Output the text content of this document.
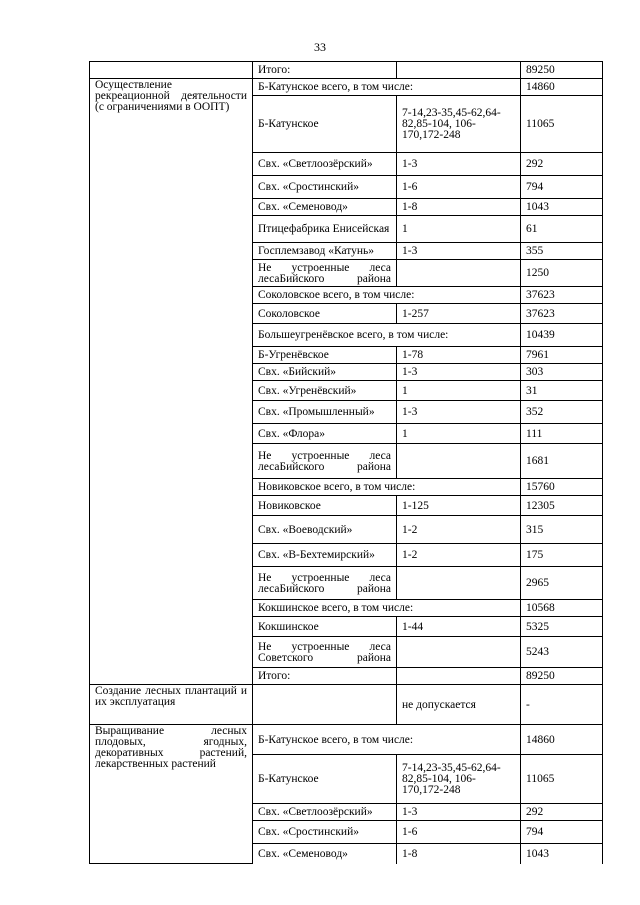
33
	Итого:		89250
Осуществление рекреационной деятельности (с ограничениями в ООПТ)	Б-Катунское всего, в том числе:		14860
	Б-Катунское	7-14,23-35,45-62,64-82,85-104, 106-170,172-248	11065
	Свх. «Светлоозёрский»	1-3	292
	Свх. «Сростинский»	1-6	794
	Свх. «Семеновод»	1-8	1043
	Птицефабрика Енисейская	1	61
	Госплемзавод «Катунь»	1-3	355
	Не устроенные леса лесаБийского района		1250
	Соколовское всего, в том числе:		37623
	Соколовское	1-257	37623
	Большеугренёвское всего, в том числе:		10439
	Б-Угренёвское	1-78	7961
	Свх. «Бийский»	1-3	303
	Свх. «Угренёвский»	1	31
	Свх. «Промышленный»	1-3	352
	Свх. «Флора»	1	111
	Не устроенные леса лесаБийского района		1681
	Новиковское всего, в том числе:		15760
	Новиковское	1-125	12305
	Свх. «Воеводский»	1-2	315
	Свх. «В-Бехтемирский»	1-2	175
	Не устроенные леса лесаБийского района		2965
	Кокшинское всего, в том числе:		10568
	Кокшинское	1-44	5325
	Не устроенные леса Советского района		5243
	Итого:		89250
Создание лесных плантаций и их эксплуатация		не допускается	-
Выращивание лесных плодовых, ягодных, декоративных растений, лекарственных растений	Б-Катунское всего, в том числе:		14860
	Б-Катунское	7-14,23-35,45-62,64-82,85-104, 106-170,172-248	11065
	Свх. «Светлоозёрский»	1-3	292
	Свх. «Сростинский»	1-6	794
	Свх. «Семеновод»	1-8	1043
